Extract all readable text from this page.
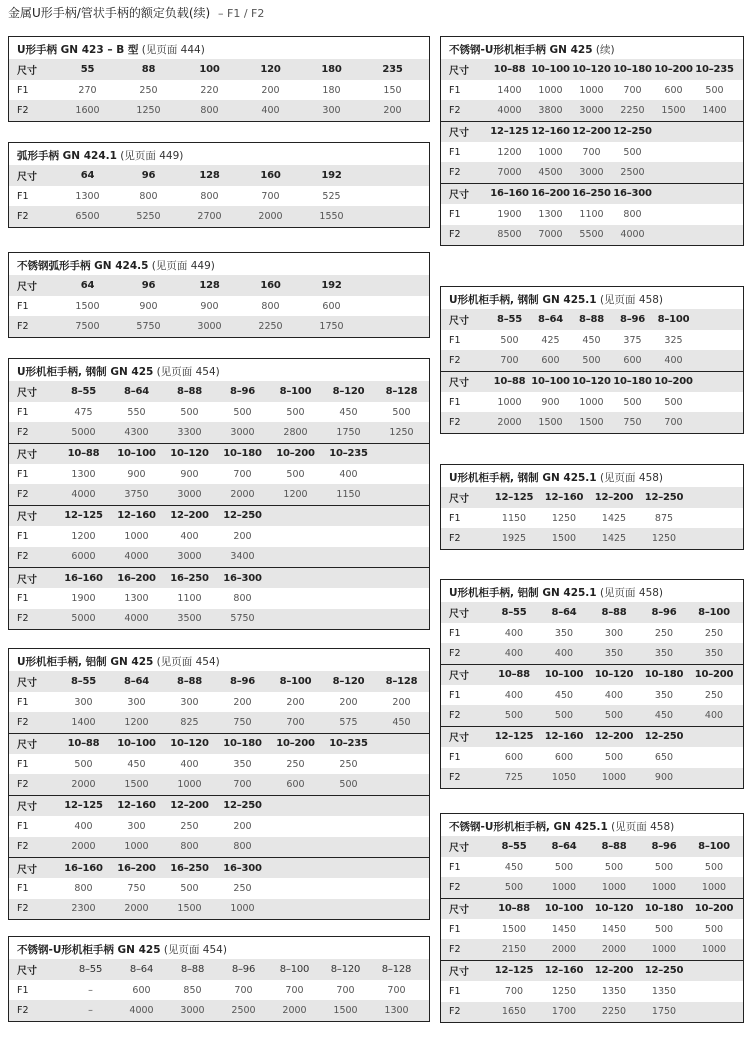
金属U形手柄/管状手柄的额定负载(续) – F1 / F2
U形手柄 GN 423 – B 型 (见页面 444)
尺寸	55	88	100	120	180	235
F1	270	250	220	200	180	150
F2	1600	1250	800	400	300	200
弧形手柄 GN 424.1 (见页面 449)
尺寸	64	96	128	160	192
F1	1300	800	800	700	525
F2	6500	5250	2700	2000	1550
不锈钢弧形手柄 GN 424.5 (见页面 449)
尺寸	64	96	128	160	192
F1	1500	900	900	800	600
F2	7500	5750	3000	2250	1750
U形机柜手柄, 钢制 GN 425 (见页面 454)
尺寸	8–55	8–64	8–88	8–96	8–100	8–120	8–128
F1	475	550	500	500	500	450	500
F2	5000	4300	3300	3000	2800	1750	1250
尺寸	10–88	10–100	10–120	10–180	10–200	10–235
F1	1300	900	900	700	500	400
F2	4000	3750	3000	2000	1200	1150
尺寸	12–125	12–160	12–200	12–250
F1	1200	1000	400	200
F2	6000	4000	3000	3400
尺寸	16–160	16–200	16–250	16–300
F1	1900	1300	1100	800
F2	5000	4000	3500	5750
U形机柜手柄, 铝制 GN 425 (见页面 454)
尺寸	8–55	8–64	8–88	8–96	8–100	8–120	8–128
F1	300	300	300	200	200	200	200
F2	1400	1200	825	750	700	575	450
尺寸	10–88	10–100	10–120	10–180	10–200	10–235
F1	500	450	400	350	250	250
F2	2000	1500	1000	700	600	500
尺寸	12–125	12–160	12–200	12–250
F1	400	300	250	200
F2	2000	1000	800	800
尺寸	16–160	16–200	16–250	16–300
F1	800	750	500	250
F2	2300	2000	1500	1000
不锈钢-U形机柜手柄 GN 425 (见页面 454)
尺寸	8–55	8–64	8–88	8–96	8–100	8–120	8–128
F1	–	600	850	700	700	700	700
F2	–	4000	3000	2500	2000	1500	1300
不锈钢-U形机柜手柄 GN 425 (续)
尺寸	10–88 10–100 10–120 10–180 10–200 10–235
F1	1400	1000	1000	700	600	500
F2	4000	3800	3000	2250	1500	1400
尺寸	12–125 12–160 12–200 12–250
F1	1200	1000	700	500
F2	7000	4500	3000	2500
尺寸	16–160 16–200 16–250 16–300
F1	1900	1300	1100	800
F2	8500	7000	5500	4000
U形机柜手柄, 钢制 GN 425.1 (见页面 458)
尺寸	8–55	8–64	8–88	8–96	8–100
F1	500	425	450	375	325
F2	700	600	500	600	400
尺寸	10–88 10–100 10–120 10–180 10–200
F1	1000	900	1000	500	500
F2	2000	1500	1500	750	700
U形机柜手柄, 钢制 GN 425.1 (见页面 458)
尺寸	12–125	12–160	12–200	12–250
F1	1150	1250	1425	875
F2	1925	1500	1425	1250
U形机柜手柄, 铝制 GN 425.1 (见页面 458)
尺寸	8–55	8–64	8–88	8–96	8–100
F1	400	350	300	250	250
F2	400	400	350	350	350
尺寸	10–88	10–100	10–120	10–180	10–200
F1	400	450	400	350	250
F2	500	500	500	450	400
尺寸	12–125	12–160	12–200	12–250
F1	600	600	500	650
F2	725	1050	1000	900
不锈钢-U形机柜手柄, GN 425.1 (见页面 458)
尺寸	8–55	8–64	8–88	8–96	8–100
F1	450	500	500	500	500
F2	500	1000	1000	1000	1000
尺寸	10–88	10–100	10–120	10–180	10–200
F1	1500	1450	1450	500	500
F2	2150	2000	2000	1000	1000
尺寸	12–125	12–160	12–200	12–250
F1	700	1250	1350	1350
F2	1650	1700	2250	1750
